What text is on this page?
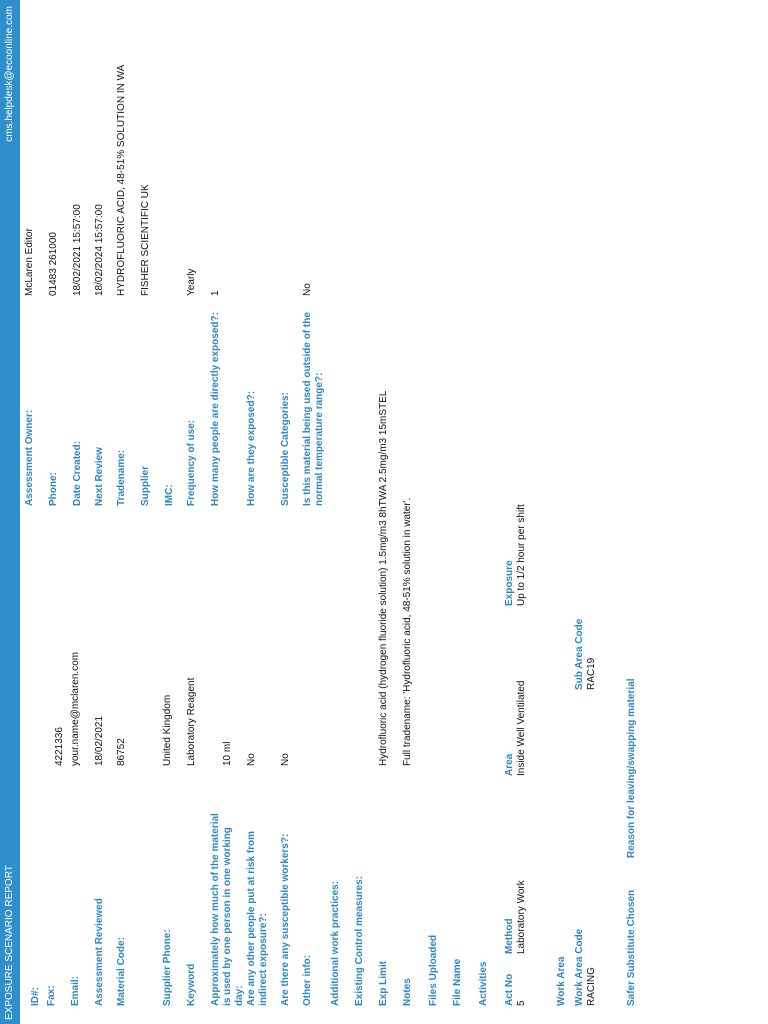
EXPOSURE SCENARIO REPORT
cms.helpdesk@ecoonline.com
ID#:
4221336
Fax: Email:
your.name@mclaren.com
Assessment Reviewed
18/02/2021
Material Code:
86752
Supplier Phone:
United Kingdom
Keyword
Laboratory Reagent
Approximately how much of the material is used by one person in one working day:
10 ml
Are any other people put at risk from indirect exposure?:
No
Are there any susceptible workers?:
No
Other info: Additional work practices: Existing Control measures: Exp Limit
Hydrofluoric acid (hydrogen fluoride solution) 1.5mg/m3 8hTWA 2.5mg/m3 15mSTEL
Notes
Full tradename: 'Hydrofluoric acid, 48-51% solution in water'.
Files Uploaded File Name Activities Act No
Method
Area
Exposure
5
Laboratory Work
Inside Well Ventilated
Up to 1/2 hour per shift
Work Area Work Area Code
Sub Area Code
RACING
RAC19
Safer Substitute Chosen
Reason for leaving/swapping material
Assessment Owner:
McLaren Editor
Phone:
01483 261000
Date Created:
18/02/2021 15:57:00
Next Review
18/02/2024 15:57:00
Tradename:
HYDROFLUORIC ACID, 48-51% SOLUTION IN WA
Supplier
FISHER SCIENTIFIC UK
IMC: Frequency of use:
Yearly
How many people are directly exposed?:
1
How are they exposed?: Susceptible Categories: Is this material being used outside of the normal temperature range?:
No
